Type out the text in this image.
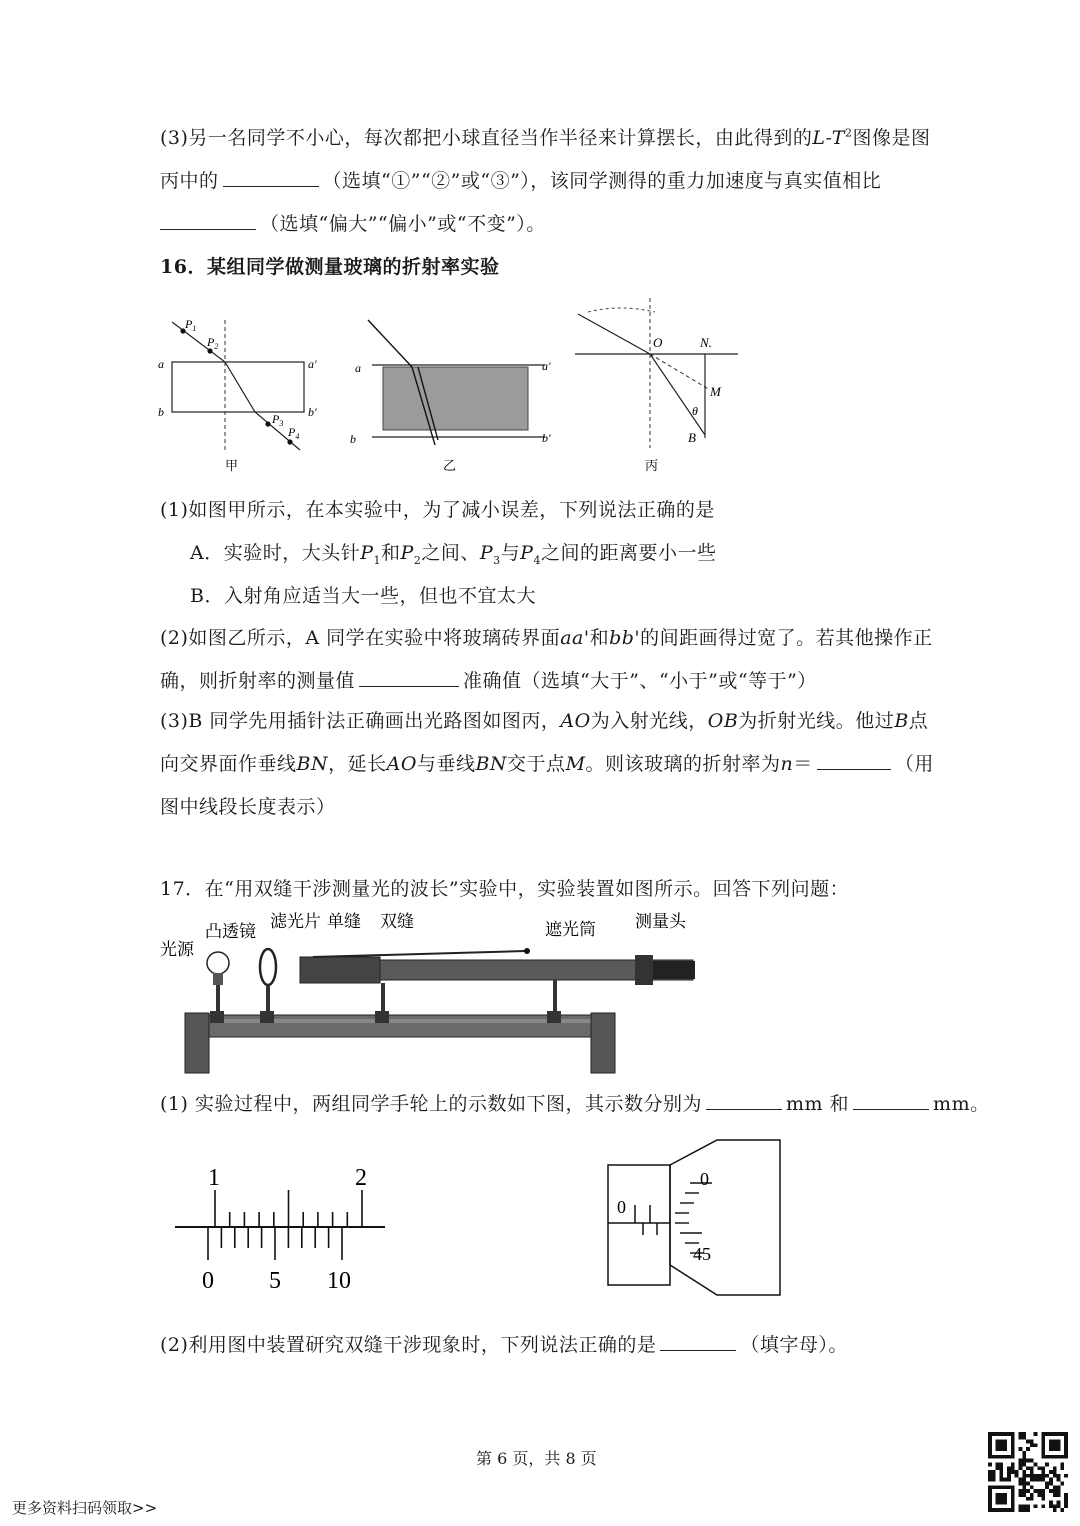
(3)另一名同学不小心，每次都把小球直径当作半径来计算摆长，由此得到的$L-T^2$图像是图
丙中的	（选填“①”“②”或“③”），该同学测得的重力加速度与真实值相比
（选填“偏大”“偏小”或“不变”）。
16．某组同学做测量玻璃的折射率实验
$P_1$
$P_2$
$P_3$
$P_4$
a	a'
b	b'
a	a'
b	b'
O	N.
M
B
θ
甲	乙	丙
(1)如图甲所示，在本实验中，为了减小误差，下列说法正确的是
A．实验时，大头针$P_1$和$P_2$之间、$P_3$与$P_4$之间的距离要小一些
B．入射角应适当大一些，但也不宜太大
(2)如图乙所示，A 同学在实验中将玻璃砖界面aa'和bb'的间距画得过宽了。若其他操作正
确，则折射率的测量值	准确值（选填“大于”、“小于”或“等于”）
(3)B 同学先用插针法正确画出光路图如图丙，AO为入射光线，OB为折射光线。他过B点
向交界面作垂线BN，延长AO与垂线BN交于点M。则该玻璃的折射率为n＝	（用
图中线段长度表示）
17．在“用双缝干涉测量光的波长”实验中，实验装置如图所示。回答下列问题：
光源
凸透镜
滤光片 单缝 双缝	遮光筒 测量头
(1) 实验过程中，两组同学手轮上的示数如下图，其示数分别为	mm 和	mm。
1	2
0 5 10
0
0
45
(2)利用图中装置研究双缝干涉现象时，下列说法正确的是	（填字母）。
第 6 页，共 8 页
更多资料扫码领取>>
